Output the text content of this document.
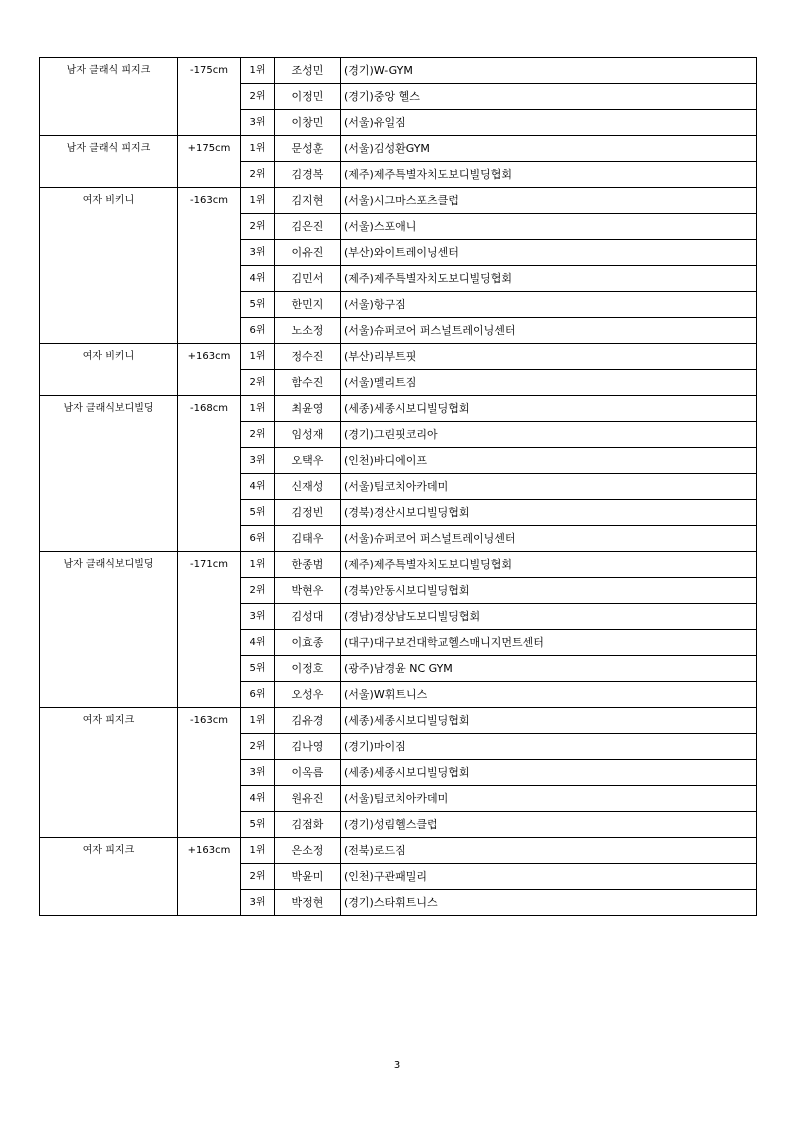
남자 클래식 피지크	-175cm	1위	조성민	(경기)W-GYM
		2위	이정민	(경기)중앙 헬스
		3위	이창민	(서울)유일짐
남자 클래식 피지크	+175cm	1위	문성훈	(서울)김성환GYM
		2위	김경복	(제주)제주특별자치도보디빌딩협회
여자 비키니	-163cm	1위	김지현	(서울)시그마스포츠클럽
		2위	김은진	(서울)스포애니
		3위	이유진	(부산)와이트레이닝센터
		4위	김민서	(제주)제주특별자치도보디빌딩협회
		5위	한민지	(서울)항구짐
		6위	노소정	(서울)슈퍼코어 퍼스널트레이닝센터
여자 비키니	+163cm	1위	정수진	(부산)리부트핏
		2위	함수진	(서울)멜리트짐
남자 클래식보디빌딩	-168cm	1위	최윤영	(세종)세종시보디빌딩협회
		2위	임성재	(경기)그린핏코리아
		3위	오택우	(인천)바디에이프
		4위	신재성	(서울)팀코치아카데미
		5위	김정빈	(경북)경산시보디빌딩협회
		6위	김태우	(서울)슈퍼코어 퍼스널트레이닝센터
남자 클래식보디빌딩	-171cm	1위	한종범	(제주)제주특별자치도보디빌딩협회
		2위	박현우	(경북)안동시보디빌딩협회
		3위	김성대	(경남)경상남도보디빌딩협회
		4위	이효종	(대구)대구보건대학교헬스매니지먼트센터
		5위	이정호	(광주)남경윤 NC GYM
		6위	오성우	(서울)W휘트니스
여자 피지크	-163cm	1위	김유경	(세종)세종시보디빌딩협회
		2위	김나영	(경기)마이짐
		3위	이옥름	(세종)세종시보디빌딩협회
		4위	원유진	(서울)팀코치아카데미
		5위	김점화	(경기)성림헬스클럽
여자 피지크	+163cm	1위	은소정	(전북)로드짐
		2위	박윤미	(인천)구관패밀리
		3위	박정현	(경기)스타휘트니스
3
